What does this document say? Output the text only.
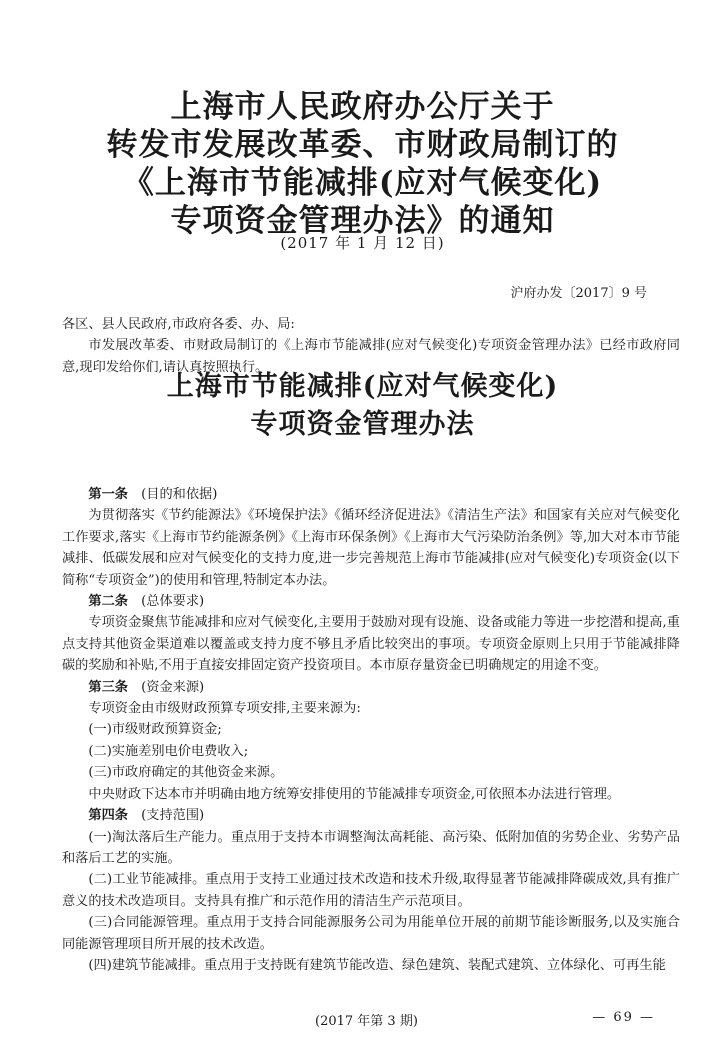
上海市人民政府办公厅关于
转发市发展改革委、市财政局制订的
《上海市节能减排(应对气候变化)
专项资金管理办法》的通知
(2017 年 1 月 12 日)
沪府办发〔2017〕9 号

各区、县人民政府,市政府各委、办、局:

市发展改革委、市财政局制订的《上海市节能减排(应对气候变化)专项资金管理办法》已经市政府同意,现印发给你们,请认真按照执行。

上海市节能减排(应对气候变化)
专项资金管理办法

第一条 (目的和依据)

为贯彻落实《节约能源法》《环境保护法》《循环经济促进法》《清洁生产法》和国家有关应对气候变化工作要求,落实《上海市节约能源条例》《上海市环保条例》《上海市大气污染防治条例》等,加大对本市节能减排、低碳发展和应对气候变化的支持力度,进一步完善规范上海市节能减排(应对气候变化)专项资金(以下简称“专项资金”)的使用和管理,特制定本办法。

第二条 (总体要求)

专项资金聚焦节能减排和应对气候变化,主要用于鼓励对现有设施、设备或能力等进一步挖潜和提高,重点支持其他资金渠道难以覆盖或支持力度不够且矛盾比较突出的事项。专项资金原则上只用于节能减排降碳的奖励和补贴,不用于直接安排固定资产投资项目。本市原存量资金已明确规定的用途不变。

第三条 (资金来源)

专项资金由市级财政预算专项安排,主要来源为:

(一)市级财政预算资金;

(二)实施差别电价电费收入;

(三)市政府确定的其他资金来源。

中央财政下达本市并明确由地方统筹安排使用的节能减排专项资金,可依照本办法进行管理。

第四条 (支持范围)

(一)淘汰落后生产能力。重点用于支持本市调整淘汰高耗能、高污染、低附加值的劣势企业、劣势产品和落后工艺的实施。

(二)工业节能减排。重点用于支持工业通过技术改造和技术升级,取得显著节能减排降碳成效,具有推广意义的技术改造项目。支持具有推广和示范作用的清洁生产示范项目。

(三)合同能源管理。重点用于支持合同能源服务公司为用能单位开展的前期节能诊断服务,以及实施合同能源管理项目所开展的技术改造。

(四)建筑节能减排。重点用于支持既有建筑节能改造、绿色建筑、装配式建筑、立体绿化、可再生能

(2017 年第 3 期)	— 69 —
